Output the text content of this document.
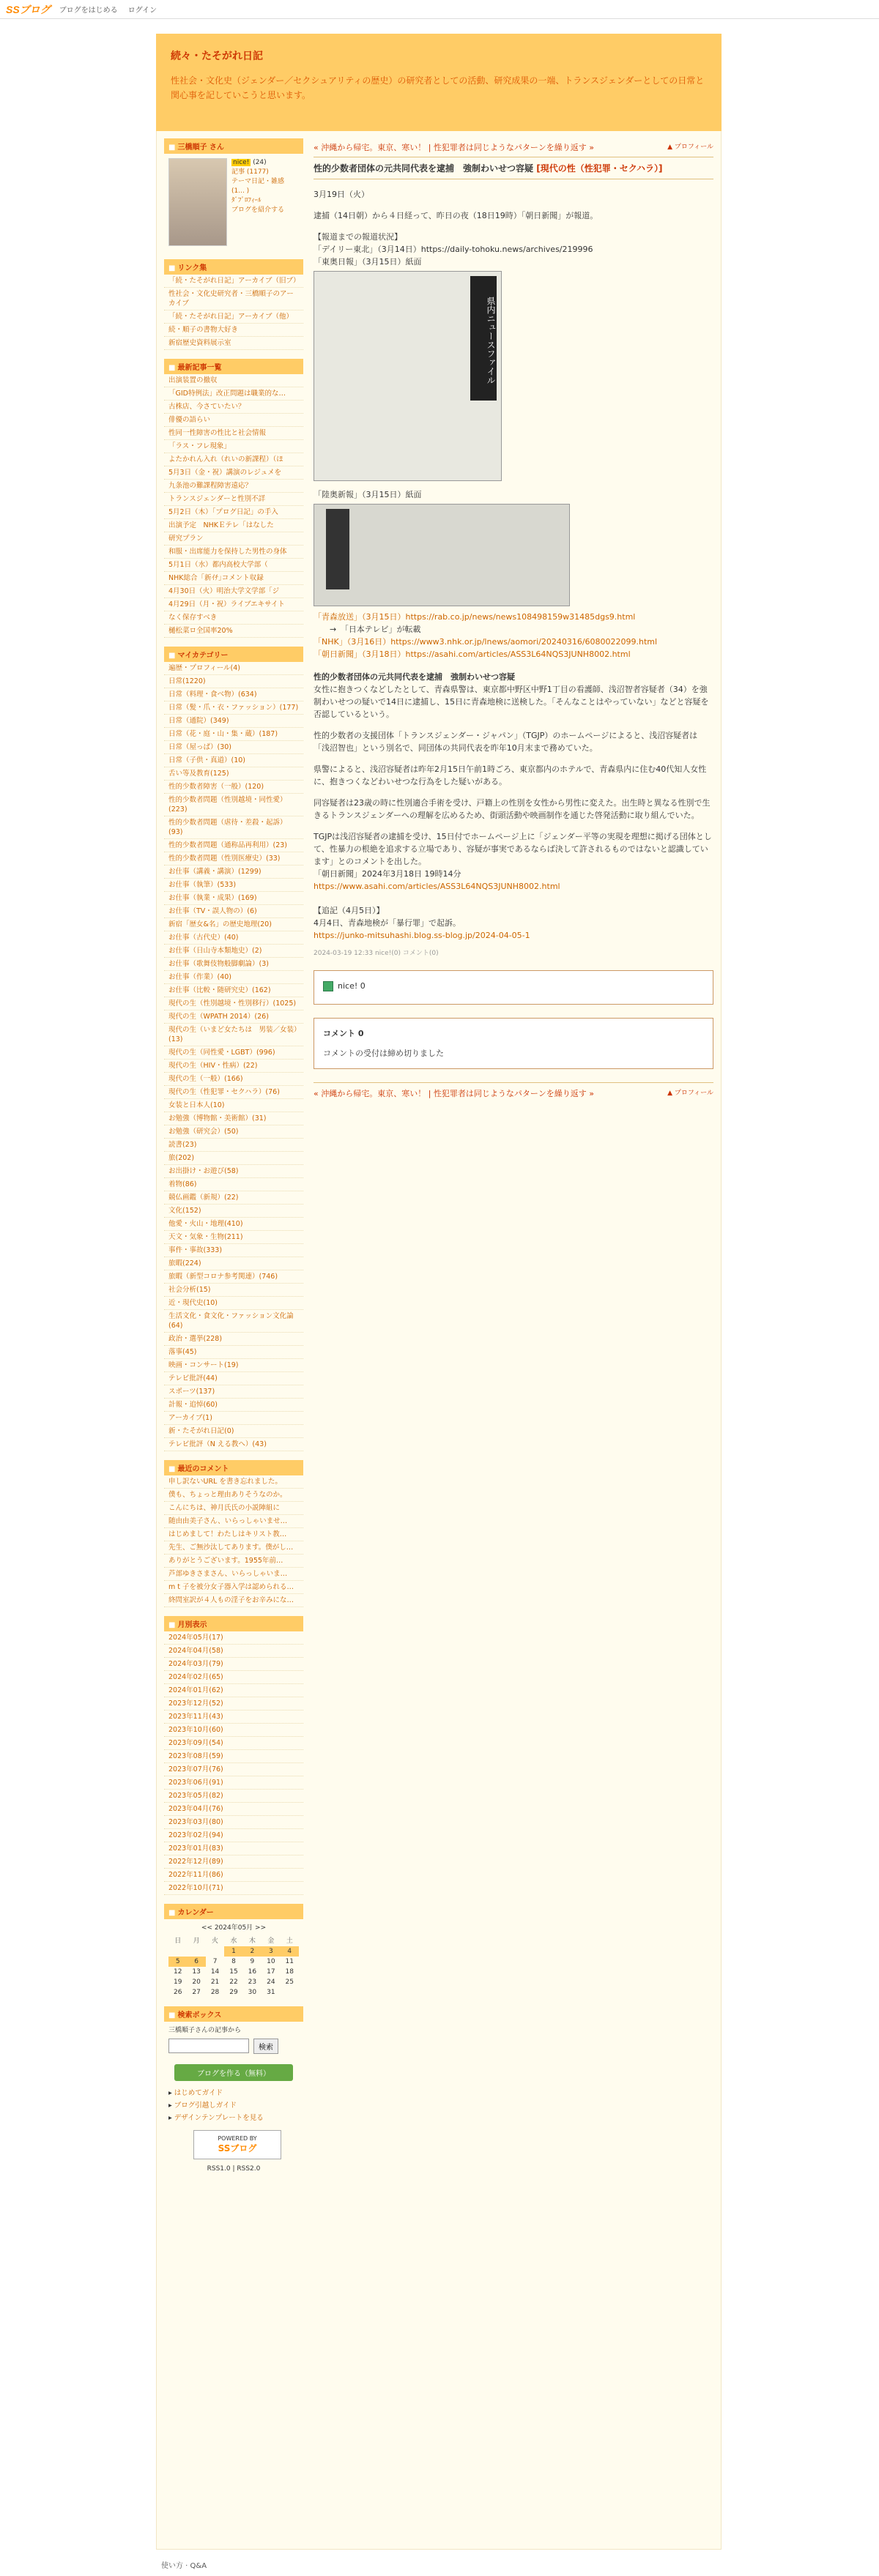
SSブログ ブログをはじめる ログイン
続々・たそがれ日記
性社会・文化史（ジェンダー／セクシュアリティの歴史）の研究者としての活動、研究成果の一端、トランスジェンダーとしての日常と関心事を記していこうと思います。
■ 三橋順子 さん
nice! (24)
記事 (1177)
テーマ日記・雑感 (1... )
ﾀﾞﾌﾟﾛﾌｨｰﾙ
ブログを紹介する
■ リンク集
「続・たそがれ日記」アーカイブ（旧ブ）
性社会・文化史研究者・三橋順子のアーカイブ
「続・たそがれ日記」アーカイブ（他）
続・順子の書物大好き
新宿歴史資料展示室
■ 最新記事一覧
出演装置の撤収
「GID特例法」改正問題は職業的な…
古株店、今さていたい？
俳優の語らい
性同一性障害の性比と社会情報
「ラス・フレ現象」
よたかれん入れ（れいの新課程）（ほ
5月3日（金・祝）講演のレジュメを
九条池の難課程障害遠応？
トランスジェンダーと性別不詳
5月2日（木）「プログ日記」の手入
出演予定　NHKＥテレ「はなした
研究プラン
和服・出席能力を保持した男性の身体
5月1日（水）都内高校大学部（
NHK総合「新ｲﾁ｣コメント収録
4月30日（火）明治大学文学部「ジ
4月29日（月・祝）ライブエキサイト
なく保存すべき
樋松菜ロ全国率20%
■ マイカテゴリー
遍歴・プロフィール(4)
日常(1220)
日常（料理・食べ物）(634)
日常（髪・爪・衣・ファッション）(177)
日常（通院）(349)
日常（花・庭・山・集・蔵）(187)
日常（屋っぱ）(30)
日常（子供・真道）(10)
舌い等及教育(125)
性的少数者障害（一般）(120)
性的少数者問題（性別越境・同性愛）(223)
性的少数者問題（虐待・差殺・起訴）(93)
性的少数者問題（通称品再利用）(23)
性的少数者問題（性別医療史）(33)
お仕事（講義・講演）(1299)
お仕事（執筆）(533)
お仕事（執業・成果）(169)
お仕事（TV・誤人物の）(6)
新宿「歴女&名」の歴史地理(20)
お仕事（古代史）(40)
お仕事（日山寺本類地史）(2)
お仕事（歌舞伎物般脚劇論）(3)
お仕事（作業）(40)
お仕事（比較・随研究史）(162)
現代の生（性別越境・性別移行）(1025)
現代の生（WPATH 2014）(26)
現代の生（いまど女たちは　男装／女装）(13)
現代の生（同性愛・LGBT）(996)
現代の生（HIV・性病）(22)
現代の生（一般）(166)
現代の生（性犯罪・セクハラ）(76)
女装と日本人(10)
お勉強（博物館・美術館）(31)
お勉強（研究会）(50)
読書(23)
旅(202)
お出掛け・お遊び(58)
着物(86)
競仏画鑑（新規）(22)
文化(152)
他愛・火山・地理(410)
天文・気象・生物(211)
事件・事故(333)
旅暇(224)
旅暇（新型コロナ参考関連）(746)
社会分析(15)
近・現代史(10)
生活文化・食文化・ファッション文化論(64)
政治・選挙(228)
落事(45)
映画・コンサート(19)
テレビ批評(44)
スポーツ(137)
計報・追悼(60)
アーカイブ(1)
新・たそがれ日記(0)
テレビ批評（N える教へ）(43)
■ 最近のコメント
申し訳ないURL を書き忘れました。
僕も、ちょっと理由ありそうなのか。
こんにちは、神月氏氏の小説陣組に
随由由美子さん、いらっしゃいませ…
はじめまして！わたしはキリスト教…
先生、ご無沙汰してあります。僕がし…
ありがとうございます。1955年前…
芦部ゆきさまさん、いらっしゃいま…
m t 子を被分女子器入学は認められる…
終問室訳が４人もの淫子をお辛みにな…
■ 月別表示
2024年05月(17)
2024年04月(58)
2024年03月(79)
2024年02月(65)
2024年01月(62)
2023年12月(52)
2023年11月(43)
2023年10月(60)
2023年09月(54)
2023年08月(59)
2023年07月(76)
2023年06月(91)
2023年05月(82)
2023年04月(76)
2023年03月(80)
2023年02月(94)
2023年01月(83)
2022年12月(89)
2022年11月(86)
2022年10月(71)
■ カレンダー
<< 2024年05月 >>
日	月	火	水	木	金	土
			1	2	3	4
5	6	7	8	9	10	11
12	13	14	15	16	17	18
19	20	21	22	23	24	25
26	27	28	29	30	31	
■ 検索ボックス
三橋順子さんの記事から
検索
ブログを作る（無料）
▸ はじめてガイド
▸ ブログ引越しガイド
▸ デザインテンプレートを見る
POWERED BY
SSブログ
RSS1.0 | RSS2.0
« 沖縄から帰宅。東京、寒い！ | 性犯罪者は同じようなパターンを繰り返す »	▲ プロフィール
性的少数者団体の元共同代表を逮捕　強制わいせつ容疑 [現代の性（性犯罪・セクハラ）]

3月19日（火）

逮捕（14日朝）から４日経って、昨日の夜（18日19時）「朝日新聞」が報道。

【報道までの報道状況】
「デイリー東北」（3月14日）https://daily-tohoku.news/archives/219996
「東奥日報」（3月15日）紙面
県内ニュースファイル
「陸奥新報」（3月15日）紙面
「青森放送」（3月15日）https://rab.co.jp/news/news108498159w31485dgs9.html
　　→　「日本テレビ」が転載
「NHK」（3月16日）https://www3.nhk.or.jp/lnews/aomori/20240316/6080022099.html
「朝日新聞」（3月18日）https://asahi.com/articles/ASS3L64NQS3JUNH8002.html
性的少数者団体の元共同代表を逮捕　強制わいせつ容疑

女性に抱きつくなどしたとして、青森県警は、東京都中野区中野1丁目の看護師、浅沼智者容疑者（34）を強制わいせつの疑いで14日に逮捕し、15日に青森地検に送検した。「そんなことはやっていない」などと容疑を否認しているという。

性的少数者の支援団体「トランスジェンダー・ジャパン」（TGJP）のホームページによると、浅沼容疑者は「浅沼智也」という別名で、同団体の共同代表を昨年10月末まで務めていた。

県警によると、浅沼容疑者は昨年2月15日午前1時ごろ、東京都内のホテルで、青森県内に住む40代知人女性に、抱きつくなどわいせつな行為をした疑いがある。

同容疑者は23歳の時に性別適合手術を受け、戸籍上の性別を女性から男性に変えた。出生時と異なる性別で生きるトランスジェンダーへの理解を広めるため、街頭活動や映画制作を通じた啓発活動に取り組んでいた。

TGJPは浅沼容疑者の逮捕を受け、15日付でホームページ上に「ジェンダー平等の実現を理想に掲げる団体として、性暴力の根絶を追求する立場であり、容疑が事実であるならば決して許されるものではないと認識しています」とのコメントを出した。

「朝日新聞」2024年3月18日 19時14分
https://www.asahi.com/articles/ASS3L64NQS3JUNH8002.html
【追記（4月5日）】
4月4日、青森地検が「暴行罪」で起訴。
https://junko-mitsuhashi.blog.ss-blog.jp/2024-04-05-1
2024-03-19 12:33 nice!(0) コメント(0)
nice! 0
コメント 0
コメントの受付は締め切りました
« 沖縄から帰宅。東京、寒い！ | 性犯罪者は同じようなパターンを繰り返す »	▲ プロフィール
使い方 · Q&A
